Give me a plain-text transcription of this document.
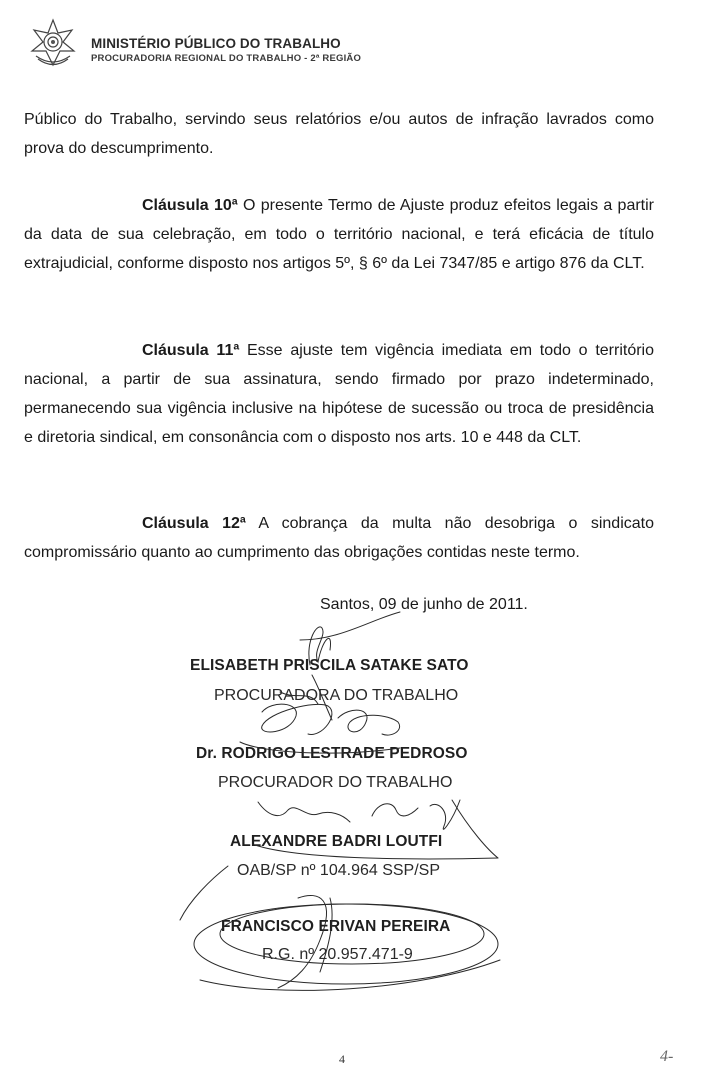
MINISTÉRIO PÚBLICO DO TRABALHO
PROCURADORIA REGIONAL DO TRABALHO - 2ª REGIÃO
Público do Trabalho, servindo seus relatórios e/ou autos de infração lavrados como prova do descumprimento.
Cláusula 10ª O presente Termo de Ajuste produz efeitos legais a partir da data de sua celebração, em todo o território nacional, e terá eficácia de título extrajudicial, conforme disposto nos artigos 5º, § 6º da Lei 7347/85 e artigo 876 da CLT.
Cláusula 11ª Esse ajuste tem vigência imediata em todo o território nacional, a partir de sua assinatura, sendo firmado por prazo indeterminado, permanecendo sua vigência inclusive na hipótese de sucessão ou troca de presidência e diretoria sindical, em consonância com o disposto nos arts. 10 e 448 da CLT.
Cláusula 12ª A cobrança da multa não desobriga o sindicato compromissário quanto ao cumprimento das obrigações contidas neste termo.
Santos, 09 de junho de 2011.
ELISABETH PRISCILA SATAKE SATO
PROCURADORA DO TRABALHO
Dr. RODRIGO LESTRADE PEDROSO
PROCURADOR DO TRABALHO
ALEXANDRE BADRI LOUTFI
OAB/SP nº 104.964 SSP/SP
FRANCISCO ERIVAN PEREIRA
R.G. nº 20.957.471-9
4	4-
